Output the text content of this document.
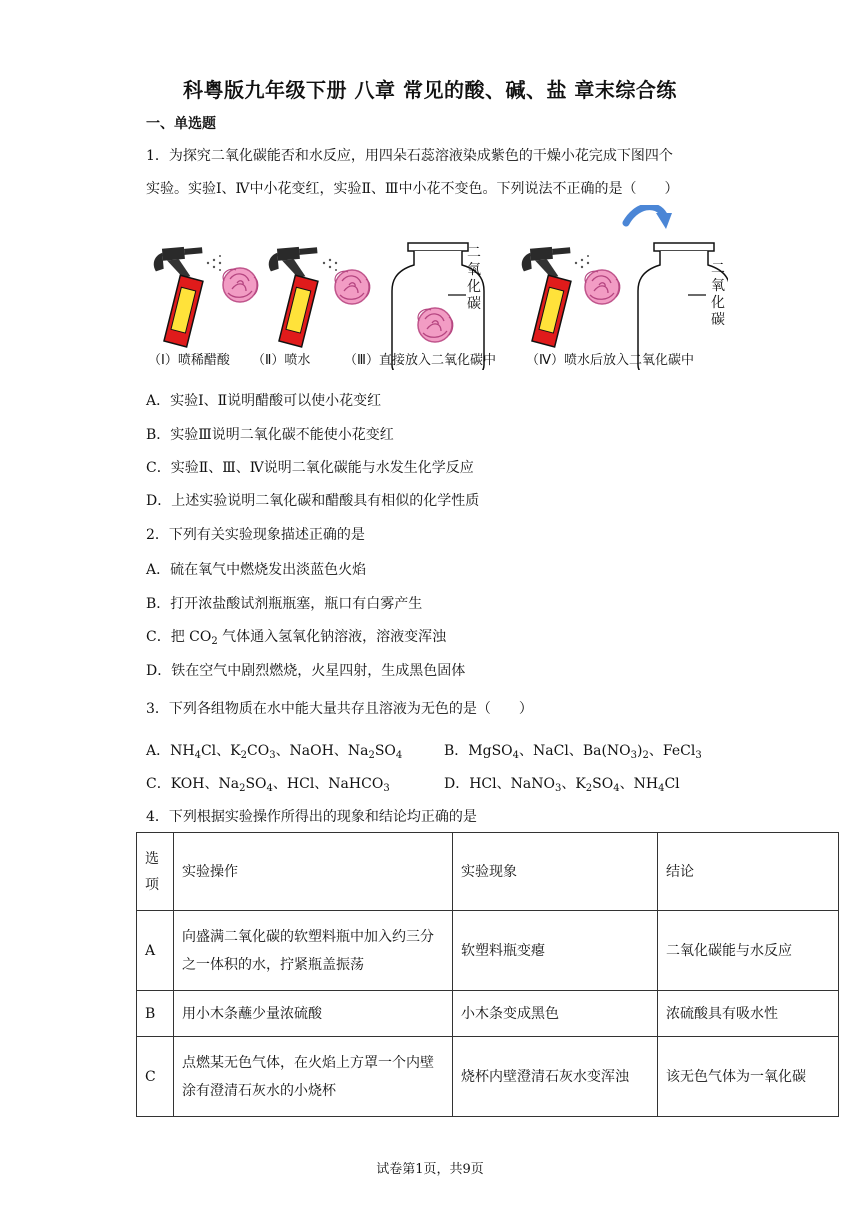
科粤版九年级下册 八章 常见的酸、碱、盐 章末综合练
一、单选题
1．为探究二氧化碳能否和水反应，用四朵石蕊溶液染成紫色的干燥小花完成下图四个
实验。实验Ⅰ、Ⅳ中小花变红，实验Ⅱ、Ⅲ中小花不变色。下列说法不正确的是（　　）
二氧化碳
二氧化碳
（Ⅰ）喷稀醋酸 （Ⅱ）喷水	（Ⅲ）直接放入二氧化碳中 （Ⅳ）喷水后放入二氧化碳中
A．实验Ⅰ、Ⅱ说明醋酸可以使小花变红
B．实验Ⅲ说明二氧化碳不能使小花变红
C．实验Ⅱ、Ⅲ、Ⅳ说明二氧化碳能与水发生化学反应
D．上述实验说明二氧化碳和醋酸具有相似的化学性质
2．下列有关实验现象描述正确的是
A．硫在氧气中燃烧发出淡蓝色火焰
B．打开浓盐酸试剂瓶瓶塞，瓶口有白雾产生
C．把 $CO_2$ 气体通入氢氧化钠溶液，溶液变浑浊
D．铁在空气中剧烈燃烧，火星四射，生成黑色固体
3．下列各组物质在水中能大量共存且溶液为无色的是（　　）
A．$NH_4Cl$、$K_2CO_3$、NaOH、$Na_2SO_4$	B．MgSO$_4$、NaCl、$Ba(NO_3)_2$、FeCl$_3$
C．KOH、$Na_2SO_4$、HCl、NaHCO$_3$	D．HCl、NaNO$_3$、$K_2SO_4$、$NH_4Cl$
4．下列根据实验操作所得出的现象和结论均正确的是
选项	实验操作	实验现象	结论
A	向盛满二氧化碳的软塑料瓶中加入约三分之一体积的水，拧紧瓶盖振荡	软塑料瓶变瘪	二氧化碳能与水反应
B	用小木条蘸少量浓硫酸	小木条变成黑色	浓硫酸具有吸水性
C	点燃某无色气体，在火焰上方罩一个内壁涂有澄清石灰水的小烧杯	烧杯内壁澄清石灰水变浑浊	该无色气体为一氧化碳
试卷第1页，共9页
